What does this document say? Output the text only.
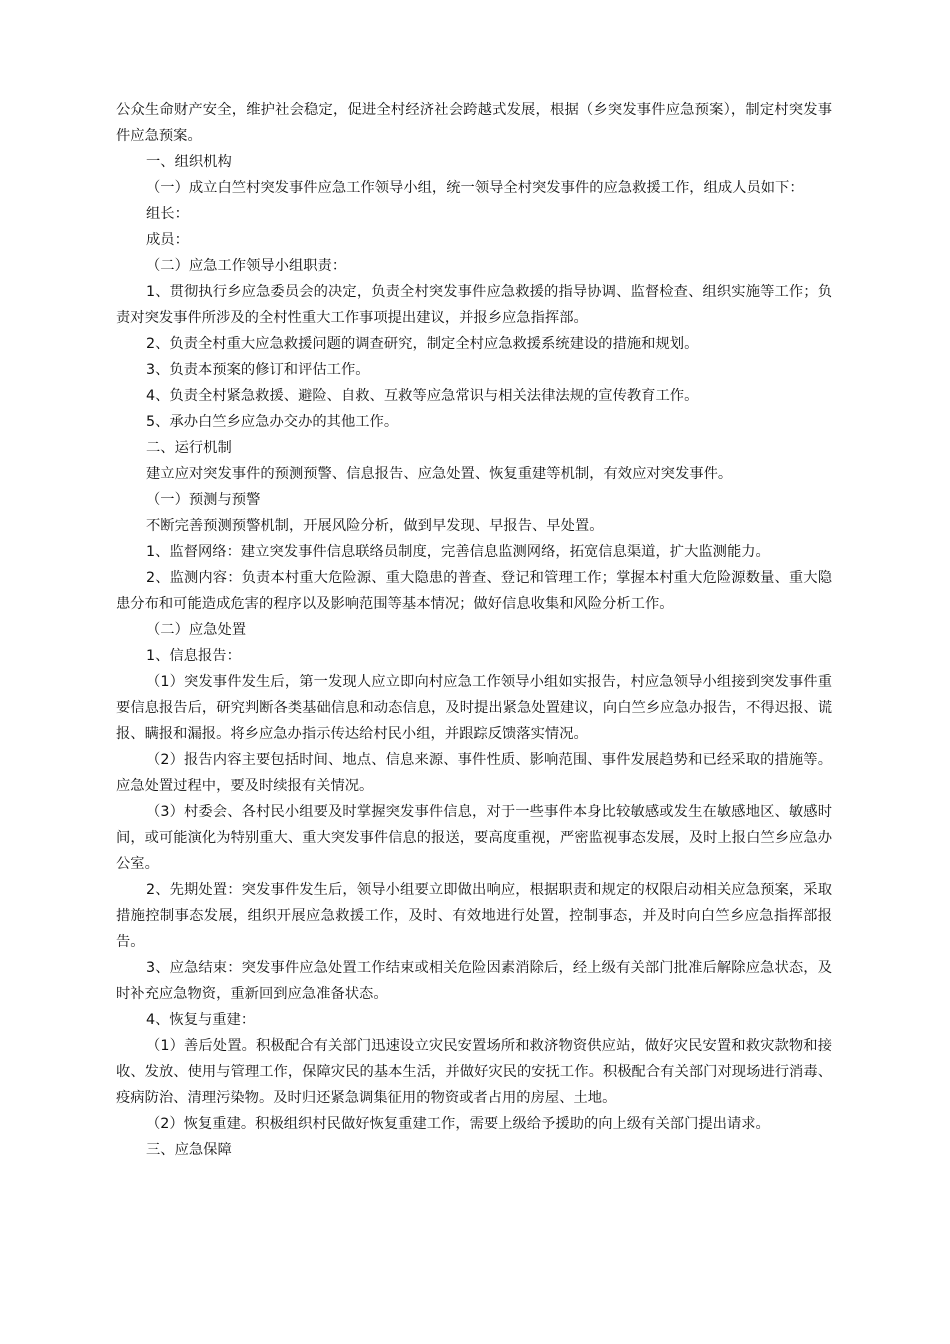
公众生命财产安全，维护社会稳定，促进全村经济社会跨越式发展，根据（乡突发事件应急预案），制定村突发事件应急预案。

一、组织机构

（一）成立白竺村突发事件应急工作领导小组，统一领导全村突发事件的应急救援工作，组成人员如下：

组长：

成员：

（二）应急工作领导小组职责：

1、贯彻执行乡应急委员会的决定，负责全村突发事件应急救援的指导协调、监督检查、组织实施等工作；负责对突发事件所涉及的全村性重大工作事项提出建议，并报乡应急指挥部。

2、负责全村重大应急救援问题的调查研究，制定全村应急救援系统建设的措施和规划。

3、负责本预案的修订和评估工作。

4、负责全村紧急救援、避险、自救、互救等应急常识与相关法律法规的宣传教育工作。

5、承办白竺乡应急办交办的其他工作。

二、运行机制

建立应对突发事件的预测预警、信息报告、应急处置、恢复重建等机制，有效应对突发事件。

（一）预测与预警

不断完善预测预警机制，开展风险分析，做到早发现、早报告、早处置。

1、监督网络：建立突发事件信息联络员制度，完善信息监测网络，拓宽信息渠道，扩大监测能力。

2、监测内容：负责本村重大危险源、重大隐患的普查、登记和管理工作；掌握本村重大危险源数量、重大隐患分布和可能造成危害的程序以及影响范围等基本情况；做好信息收集和风险分析工作。

（二）应急处置

1、信息报告：

（1）突发事件发生后，第一发现人应立即向村应急工作领导小组如实报告，村应急领导小组接到突发事件重要信息报告后，研究判断各类基础信息和动态信息，及时提出紧急处置建议，向白竺乡应急办报告，不得迟报、谎报、瞒报和漏报。将乡应急办指示传达给村民小组，并跟踪反馈落实情况。

（2）报告内容主要包括时间、地点、信息来源、事件性质、影响范围、事件发展趋势和已经采取的措施等。应急处置过程中，要及时续报有关情况。

（3）村委会、各村民小组要及时掌握突发事件信息，对于一些事件本身比较敏感或发生在敏感地区、敏感时间，或可能演化为特别重大、重大突发事件信息的报送，要高度重视，严密监视事态发展，及时上报白竺乡应急办公室。

2、先期处置：突发事件发生后，领导小组要立即做出响应，根据职责和规定的权限启动相关应急预案，采取措施控制事态发展，组织开展应急救援工作，及时、有效地进行处置，控制事态，并及时向白竺乡应急指挥部报告。

3、应急结束：突发事件应急处置工作结束或相关危险因素消除后，经上级有关部门批准后解除应急状态，及时补充应急物资，重新回到应急准备状态。

4、恢复与重建：

（1）善后处置。积极配合有关部门迅速设立灾民安置场所和救济物资供应站，做好灾民安置和救灾款物和接收、发放、使用与管理工作，保障灾民的基本生活，并做好灾民的安抚工作。积极配合有关部门对现场进行消毒、疫病防治、清理污染物。及时归还紧急调集征用的物资或者占用的房屋、土地。

（2）恢复重建。积极组织村民做好恢复重建工作，需要上级给予援助的向上级有关部门提出请求。

三、应急保障
